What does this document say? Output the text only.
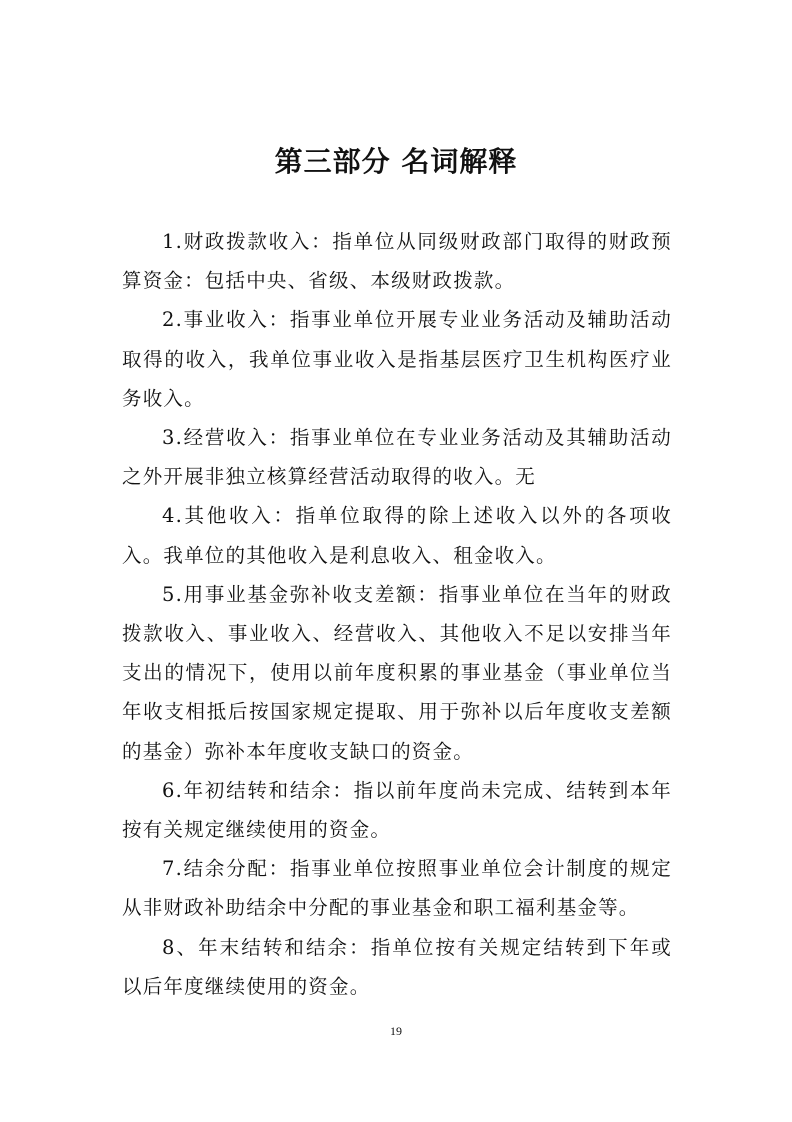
第三部分 名词解释

1.财政拨款收入：指单位从同级财政部门取得的财政预算资金：包括中央、省级、本级财政拨款。

2.事业收入：指事业单位开展专业业务活动及辅助活动取得的收入，我单位事业收入是指基层医疗卫生机构医疗业务收入。

3.经营收入：指事业单位在专业业务活动及其辅助活动之外开展非独立核算经营活动取得的收入。无

4.其他收入：指单位取得的除上述收入以外的各项收入。我单位的其他收入是利息收入、租金收入。

5.用事业基金弥补收支差额：指事业单位在当年的财政拨款收入、事业收入、经营收入、其他收入不足以安排当年支出的情况下，使用以前年度积累的事业基金（事业单位当年收支相抵后按国家规定提取、用于弥补以后年度收支差额的基金）弥补本年度收支缺口的资金。

6.年初结转和结余：指以前年度尚未完成、结转到本年按有关规定继续使用的资金。

7.结余分配：指事业单位按照事业单位会计制度的规定从非财政补助结余中分配的事业基金和职工福利基金等。

8、年末结转和结余：指单位按有关规定结转到下年或以后年度继续使用的资金。

19
